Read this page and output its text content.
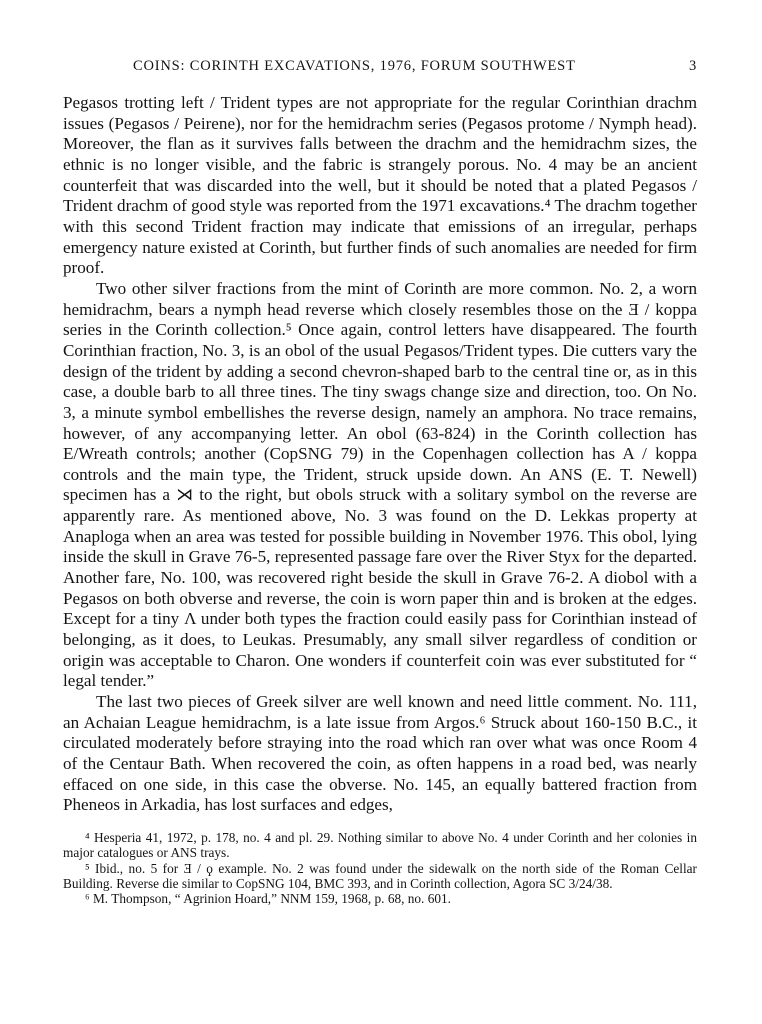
COINS: CORINTH EXCAVATIONS, 1976, FORUM SOUTHWEST	3

Pegasos trotting left / Trident types are not appropriate for the regular Corinthian drachm issues (Pegasos / Peirene), nor for the hemidrachm series (Pegasos protome / Nymph head). Moreover, the flan as it survives falls between the drachm and the hemidrachm sizes, the ethnic is no longer visible, and the fabric is strangely porous. No. 4 may be an ancient counterfeit that was discarded into the well, but it should be noted that a plated Pegasos / Trident drachm of good style was reported from the 1971 excavations.⁴ The drachm together with this second Trident fraction may indicate that emissions of an irregular, perhaps emergency nature existed at Corinth, but further finds of such anomalies are needed for firm proof.

Two other silver fractions from the mint of Corinth are more common. No. 2, a worn hemidrachm, bears a nymph head reverse which closely resembles those on the Ǝ / koppa series in the Corinth collection.⁵ Once again, control letters have disappeared. The fourth Corinthian fraction, No. 3, is an obol of the usual Pegasos/Trident types. Die cutters vary the design of the trident by adding a second chevron-shaped barb to the central tine or, as in this case, a double barb to all three tines. The tiny swags change size and direction, too. On No. 3, a minute symbol embellishes the reverse design, namely an amphora. No trace remains, however, of any accompanying letter. An obol (63-824) in the Corinth collection has E/Wreath controls; another (CopSNG 79) in the Copenhagen collection has A / koppa controls and the main type, the Trident, struck upside down. An ANS (E. T. Newell) specimen has a ⋊ to the right, but obols struck with a solitary symbol on the reverse are apparently rare. As mentioned above, No. 3 was found on the D. Lekkas property at Anaploga when an area was tested for possible building in November 1976. This obol, lying inside the skull in Grave 76-5, represented passage fare over the River Styx for the departed. Another fare, No. 100, was recovered right beside the skull in Grave 76-2. A diobol with a Pegasos on both obverse and reverse, the coin is worn paper thin and is broken at the edges. Except for a tiny Λ under both types the fraction could easily pass for Corinthian instead of belonging, as it does, to Leukas. Presumably, any small silver regardless of condition or origin was acceptable to Charon. One wonders if counterfeit coin was ever substituted for “ legal tender.”

The last two pieces of Greek silver are well known and need little comment. No. 111, an Achaian League hemidrachm, is a late issue from Argos.⁶ Struck about 160-150 B.C., it circulated moderately before straying into the road which ran over what was once Room 4 of the Centaur Bath. When recovered the coin, as often happens in a road bed, was nearly effaced on one side, in this case the obverse. No. 145, an equally battered fraction from Pheneos in Arkadia, has lost surfaces and edges,

⁴ Hesperia 41, 1972, p. 178, no. 4 and pl. 29. Nothing similar to above No. 4 under Corinth and her colonies in major catalogues or ANS trays.

⁵ Ibid., no. 5 for Ǝ / ϙ example. No. 2 was found under the sidewalk on the north side of the Roman Cellar Building. Reverse die similar to CopSNG 104, BMC 393, and in Corinth collection, Agora SC 3/24/38.

⁶ M. Thompson, “ Agrinion Hoard,” NNM 159, 1968, p. 68, no. 601.
